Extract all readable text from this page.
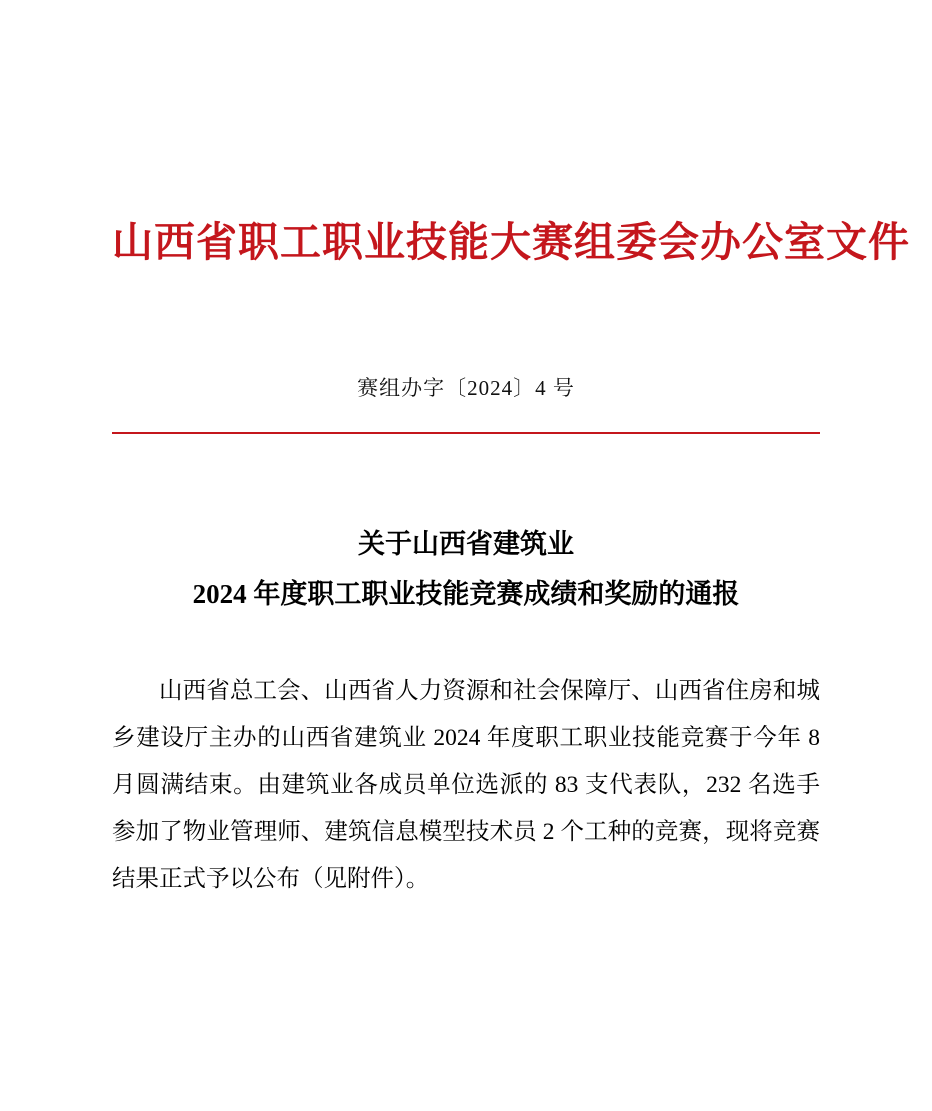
山西省职工职业技能大赛组委会办公室文件
赛组办字〔2024〕4 号
关于山西省建筑业
2024 年度职工职业技能竞赛成绩和奖励的通报

山西省总工会、山西省人力资源和社会保障厅、山西省住房和城乡建设厅主办的山西省建筑业 2024 年度职工职业技能竞赛于今年 8 月圆满结束。由建筑业各成员单位选派的 83 支代表队，232 名选手参加了物业管理师、建筑信息模型技术员 2 个工种的竞赛，现将竞赛结果正式予以公布（见附件）。
